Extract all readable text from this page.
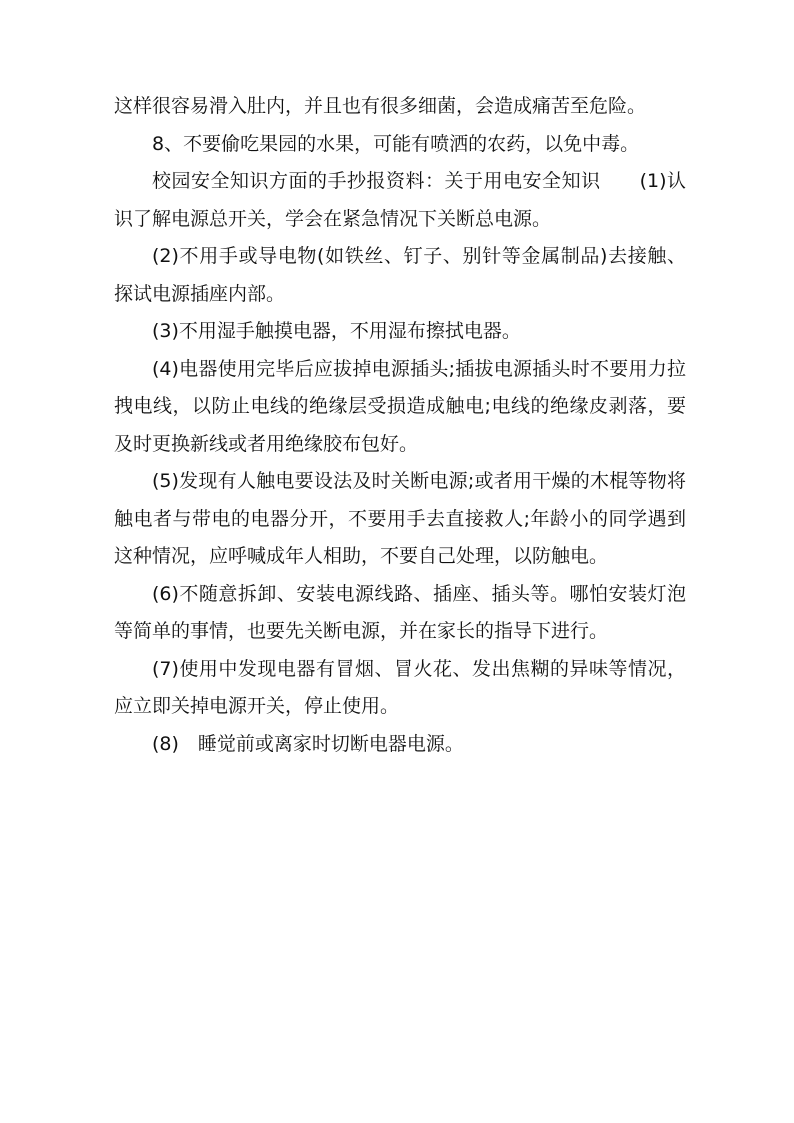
这样很容易滑入肚内，并且也有很多细菌，会造成痛苦至危险。

8、不要偷吃果园的水果，可能有喷洒的农药，以免中毒。

校园安全知识方面的手抄报资料：关于用电安全知识　　(1)认识了解电源总开关，学会在紧急情况下关断总电源。

(2)不用手或导电物(如铁丝、钉子、别针等金属制品)去接触、探试电源插座内部。

(3)不用湿手触摸电器，不用湿布擦拭电器。

(4)电器使用完毕后应拔掉电源插头;插拔电源插头时不要用力拉拽电线，以防止电线的绝缘层受损造成触电;电线的绝缘皮剥落，要及时更换新线或者用绝缘胶布包好。

(5)发现有人触电要设法及时关断电源;或者用干燥的木棍等物将触电者与带电的电器分开，不要用手去直接救人;年龄小的同学遇到这种情况，应呼喊成年人相助，不要自己处理，以防触电。

(6)不随意拆卸、安装电源线路、插座、插头等。哪怕安装灯泡等简单的事情，也要先关断电源，并在家长的指导下进行。

(7)使用中发现电器有冒烟、冒火花、发出焦糊的异味等情况，应立即关掉电源开关，停止使用。

(8)　睡觉前或离家时切断电器电源。
